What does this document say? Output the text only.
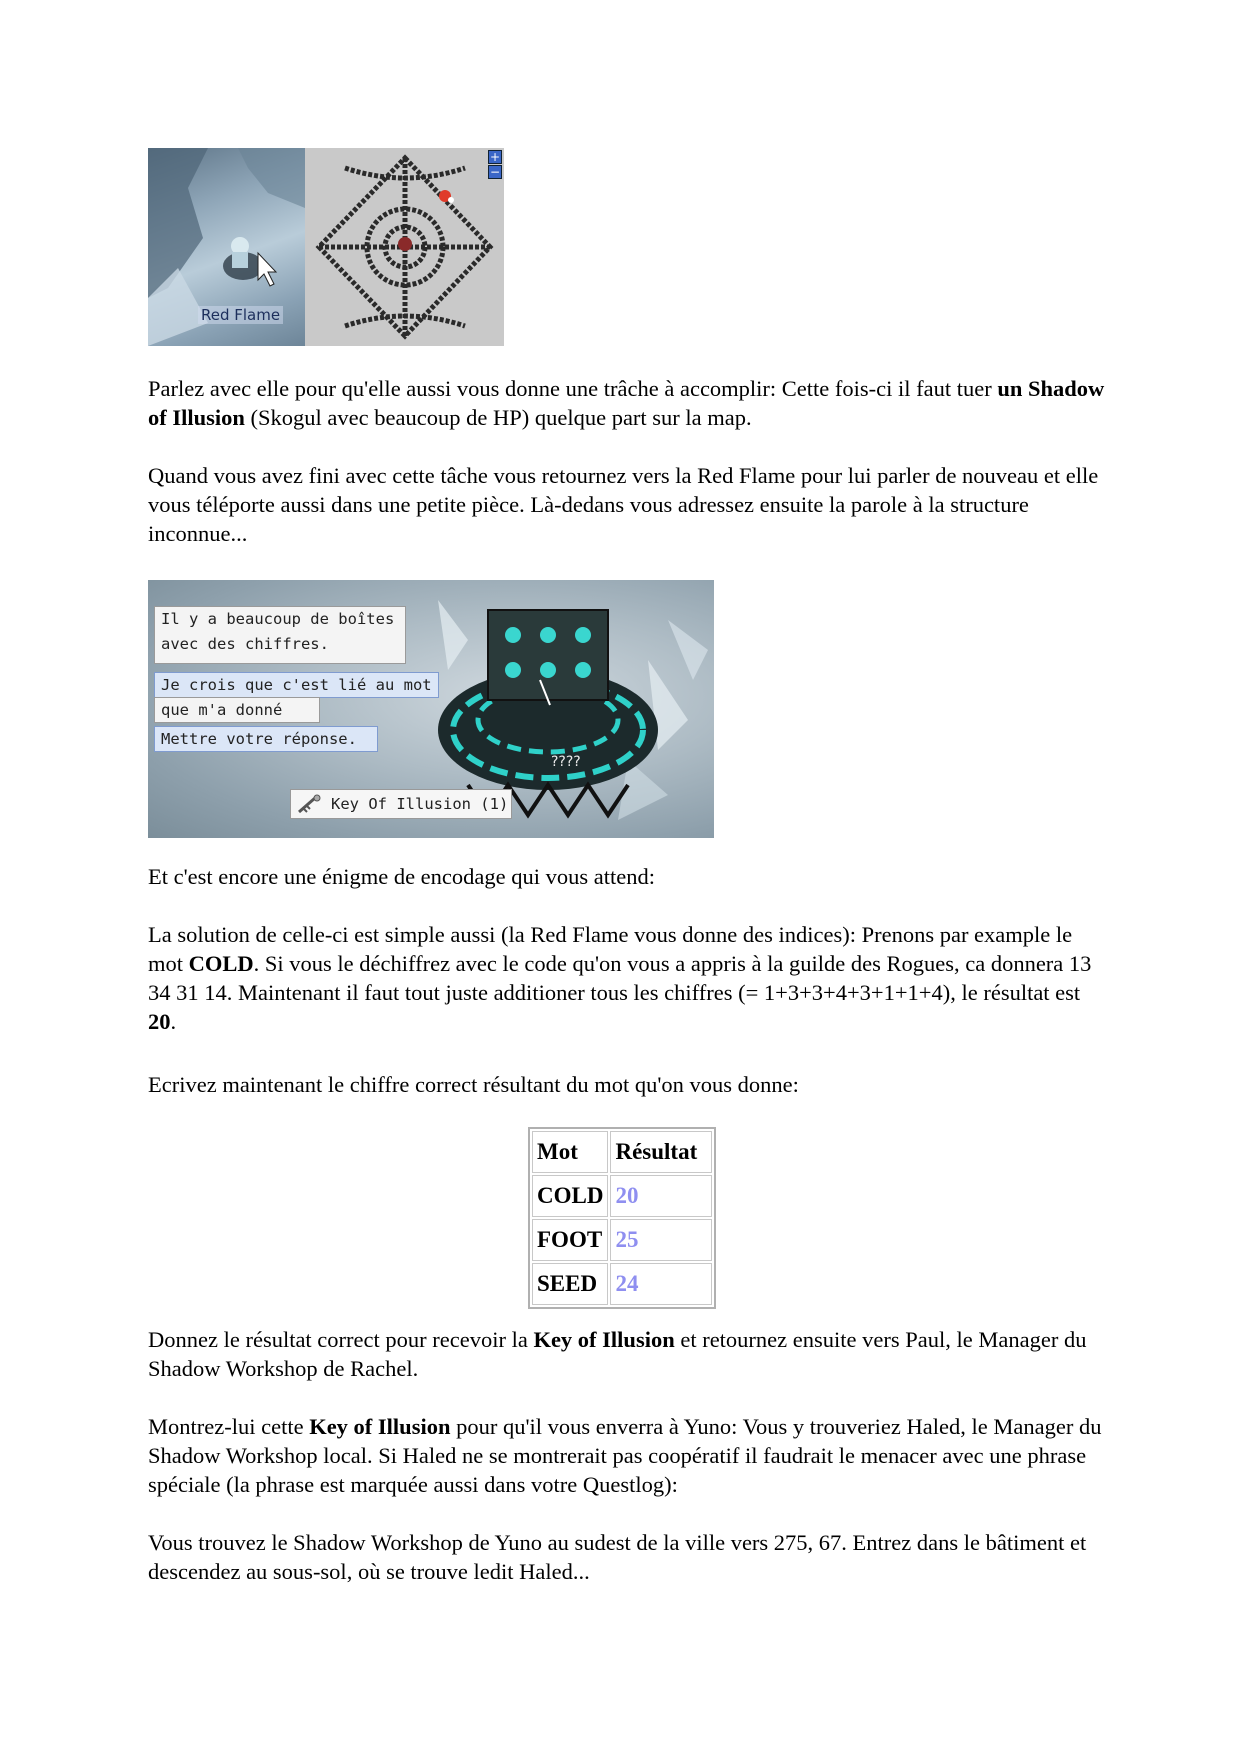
Red Flame
+
−

Parlez avec elle pour qu'elle aussi vous donne une trâche à accomplir: Cette fois-ci il faut tuer un Shadow of Illusion (Skogul avec beaucoup de HP) quelque part sur la map.

Quand vous avez fini avec cette tâche vous retournez vers la Red Flame pour lui parler de nouveau et elle vous téléporte aussi dans une petite pièce. Là-dedans vous adressez ensuite la parole à la structure inconnue...

Il y a beaucoup de boîtes
avec des chiffres.
Je crois que c'est lié au mot
que m'a donné
Mettre votre réponse.
????
Key Of Illusion (1)

Et c'est encore une énigme de encodage qui vous attend:

La solution de celle-ci est simple aussi (la Red Flame vous donne des indices): Prenons par example le mot COLD. Si vous le déchiffrez avec le code qu'on vous a appris à la guilde des Rogues, ca donnera 13 34 31 14. Maintenant il faut tout juste additioner tous les chiffres (= 1+3+3+4+3+1+1+4), le résultat est 20.

Ecrivez maintenant le chiffre correct résultant du mot qu'on vous donne:

Mot	Résultat
COLD	20
FOOT	25
SEED	24

Donnez le résultat correct pour recevoir la Key of Illusion et retournez ensuite vers Paul, le Manager du Shadow Workshop de Rachel.

Montrez-lui cette Key of Illusion pour qu'il vous enverra à Yuno: Vous y trouveriez Haled, le Manager du Shadow Workshop local. Si Haled ne se montrerait pas coopératif il faudrait le menacer avec une phrase spéciale (la phrase est marquée aussi dans votre Questlog):

Vous trouvez le Shadow Workshop de Yuno au sudest de la ville vers 275, 67. Entrez dans le bâtiment et descendez au sous-sol, où se trouve ledit Haled...
